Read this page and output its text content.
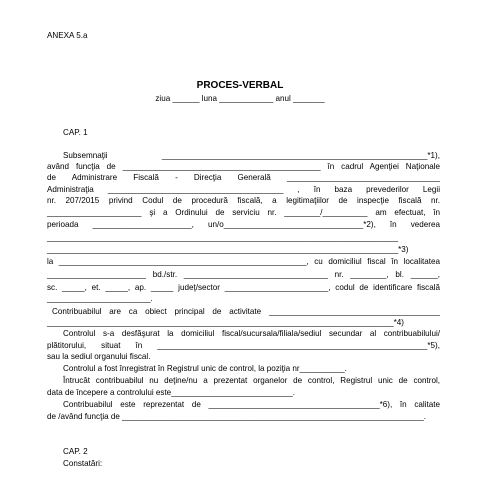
ANEXA 5.a
PROCES-VERBAL
ziua ______ luna ____________ anul _______
CAP. 1
Subsemnaţii ___________________________________________________________*1),
având funcţia de ____________________________________________ în cadrul Agenţiei Naţionale
de Administrare Fiscală - Direcţia Generală __________________________________
Administraţia _______________________________________ , în baza prevederilor Legii
nr. 207/2015 privind Codul de procedură fiscală, a legitimaţiilor de inspecţie fiscală nr.
_____________________ şi a Ordinului de serviciu nr. ________/__________ am efectuat, în
perioada ______________________, un/o_______________________________*2), în vederea
______________________________________________________________________________
______________________________________________________________________________*3)
la _______________________________________________________, cu domiciliul fiscal în localitatea
______________________ bd./str. ________________________________ nr. ________, bl. ______,
sc. _____, et. _____, ap. _____ judeţ/sector _______________________, codul de identificare fiscală
_______________________.
Contribuabilul are ca obiect principal de activitate ______________________________________
_____________________________________________________________________________*4)
Controlul s-a desfăşurat la domiciliul fiscal/sucursala/filiala/sediul secundar al contribuabilului/
plătitorului, situat în ____________________________________________________________*5),
sau la sediul organului fiscal.
Controlul a fost înregistrat în Registrul unic de control, la poziţia nr__________.
Întrucât contribuabilul nu deţine/nu a prezentat organelor de control, Registrul unic de control,
data de începere a controlului este___________________________.
Contribuabilul este reprezentat de ______________________________________*6), în calitate
de /având funcţia de ___________________________________________________________________.
CAP. 2
Constatări:
